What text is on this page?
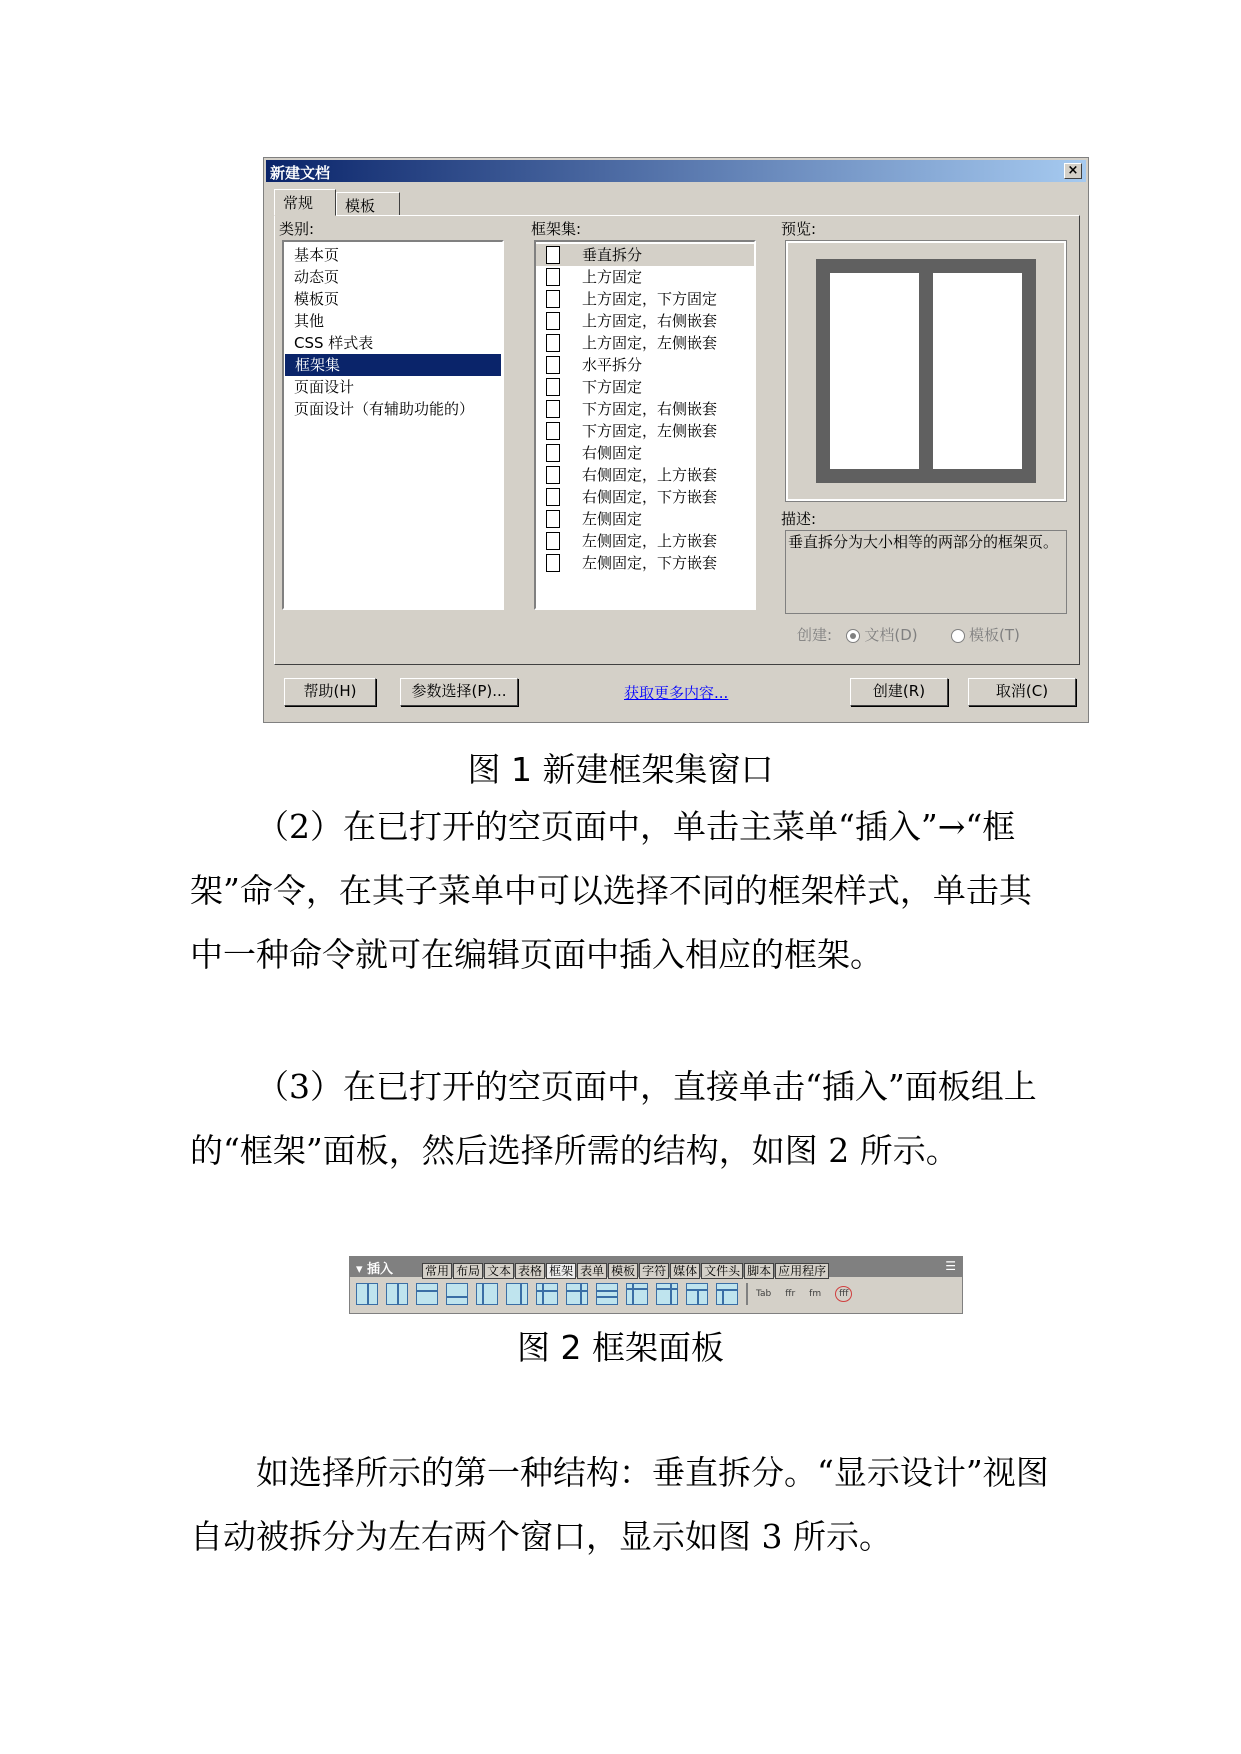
新建文档	×
常规	模板
类别:
基本页
动态页
模板页
其他
CSS 样式表
框架集
页面设计
页面设计（有辅助功能的）
框架集:
垂直拆分
上方固定
上方固定，下方固定
上方固定，右侧嵌套
上方固定，左侧嵌套
水平拆分
下方固定
下方固定，右侧嵌套
下方固定，左侧嵌套
右侧固定
右侧固定，上方嵌套
右侧固定，下方嵌套
左侧固定
左侧固定，上方嵌套
左侧固定，下方嵌套
预览:
描述:
垂直拆分为大小相等的两部分的框架页。
创建: 文档(D)	模板(T)
帮助(H)	参数选择(P)...	获取更多内容...	创建(R)	取消(C)
图 1 新建框架集窗口
（2）在已打开的空页面中，单击主菜单“插入”→“框架”命令，在其子菜单中可以选择不同的框架样式，单击其中一种命令就可在编辑页面中插入相应的框架。
（3）在已打开的空页面中，直接单击“插入”面板组上的“框架”面板，然后选择所需的结构，如图 2 所示。
▾ 插入	常用 布局 文本 表格 框架 表单 模板 字符 媒体 文件头 脚本 应用程序	☰
Tab ffr fm fff
图 2 框架面板
如选择所示的第一种结构：垂直拆分。“显示设计”视图自动被拆分为左右两个窗口，显示如图 3 所示。
